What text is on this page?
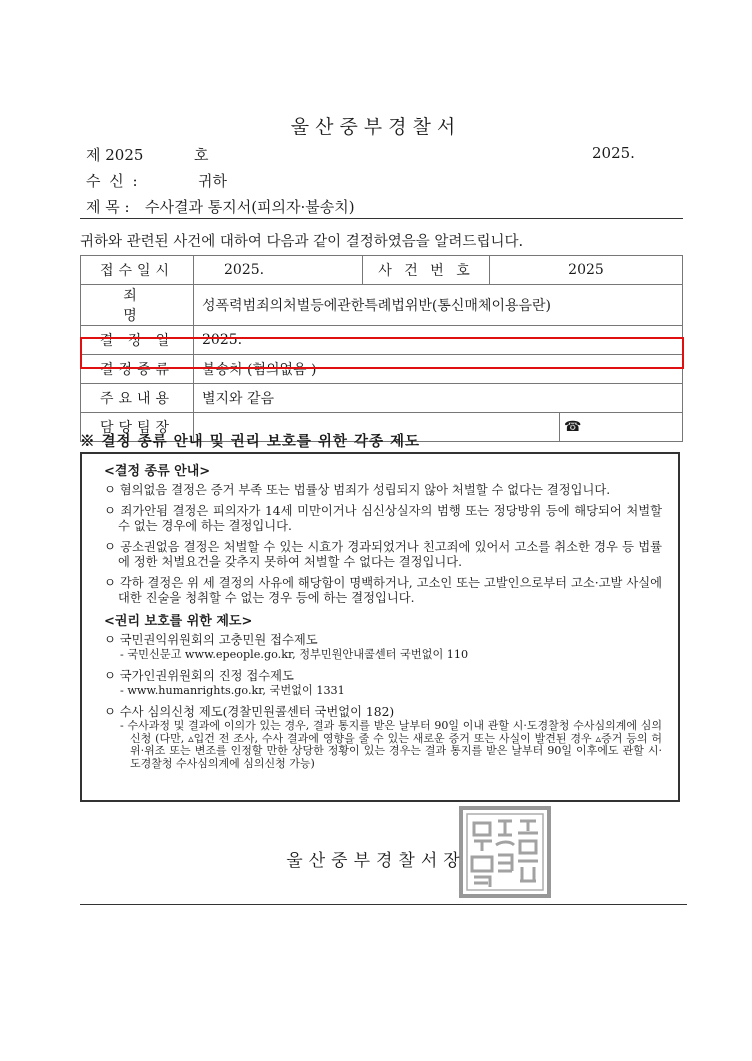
울산중부경찰서
제 2025	호	2025.
수 신 :	귀하
제 목 : 수사결과 통지서(피의자·불송치)
귀하와 관련된 사건에 대하여 다음과 같이 결정하였음을 알려드립니다.
접수일시	2025.	사 건 번 호	2025	
죄 명	성폭력범죄의처벌등에관한특례법위반(통신매체이용음란)			
결 정 일	2025.			
결정종류	불송치 (혐의없음 )			
주요내용	별지와 같음			
담당팀장				☎
※ 결정 종류 안내 및 권리 보호를 위한 각종 제도
<결정 종류 안내>
ㅇ 혐의없음 결정은 증거 부족 또는 법률상 범죄가 성립되지 않아 처벌할 수 없다는 결정입니다.
ㅇ 죄가안됨 결정은 피의자가 14세 미만이거나 심신상실자의 범행 또는 정당방위 등에 해당되어 처벌할 수 없는 경우에 하는 결정입니다.
ㅇ 공소권없음 결정은 처벌할 수 있는 시효가 경과되었거나 친고죄에 있어서 고소를 취소한 경우 등 법률에 정한 처벌요건을 갖추지 못하여 처벌할 수 없다는 결정입니다.
ㅇ 각하 결정은 위 세 결정의 사유에 해당함이 명백하거나, 고소인 또는 고발인으로부터 고소·고발 사실에 대한 진술을 청취할 수 없는 경우 등에 하는 결정입니다.
<권리 보호를 위한 제도>
ㅇ 국민권익위원회의 고충민원 접수제도
- 국민신문고 www.epeople.go.kr, 정부민원안내콜센터 국번없이 110
ㅇ 국가인권위원회의 진정 접수제도
- www.humanrights.go.kr, 국번없이 1331
ㅇ 수사 심의신청 제도(경찰민원콜센터 국번없이 182)
- 수사과정 및 결과에 이의가 있는 경우, 결과 통지를 받은 날부터 90일 이내 관할 시·도경찰청 수사심의계에 심의신청 (다만, ▵입건 전 조사, 수사 결과에 영향을 줄 수 있는 새로운 증거 또는 사실이 발견된 경우 ▵증거 등의 허위·위조 또는 변조를 인정할 만한 상당한 정황이 있는 경우는 결과 통지를 받은 날부터 90일 이후에도 관할 시·도경찰청 수사심의계에 심의신청 가능)
울산중부경찰서장
